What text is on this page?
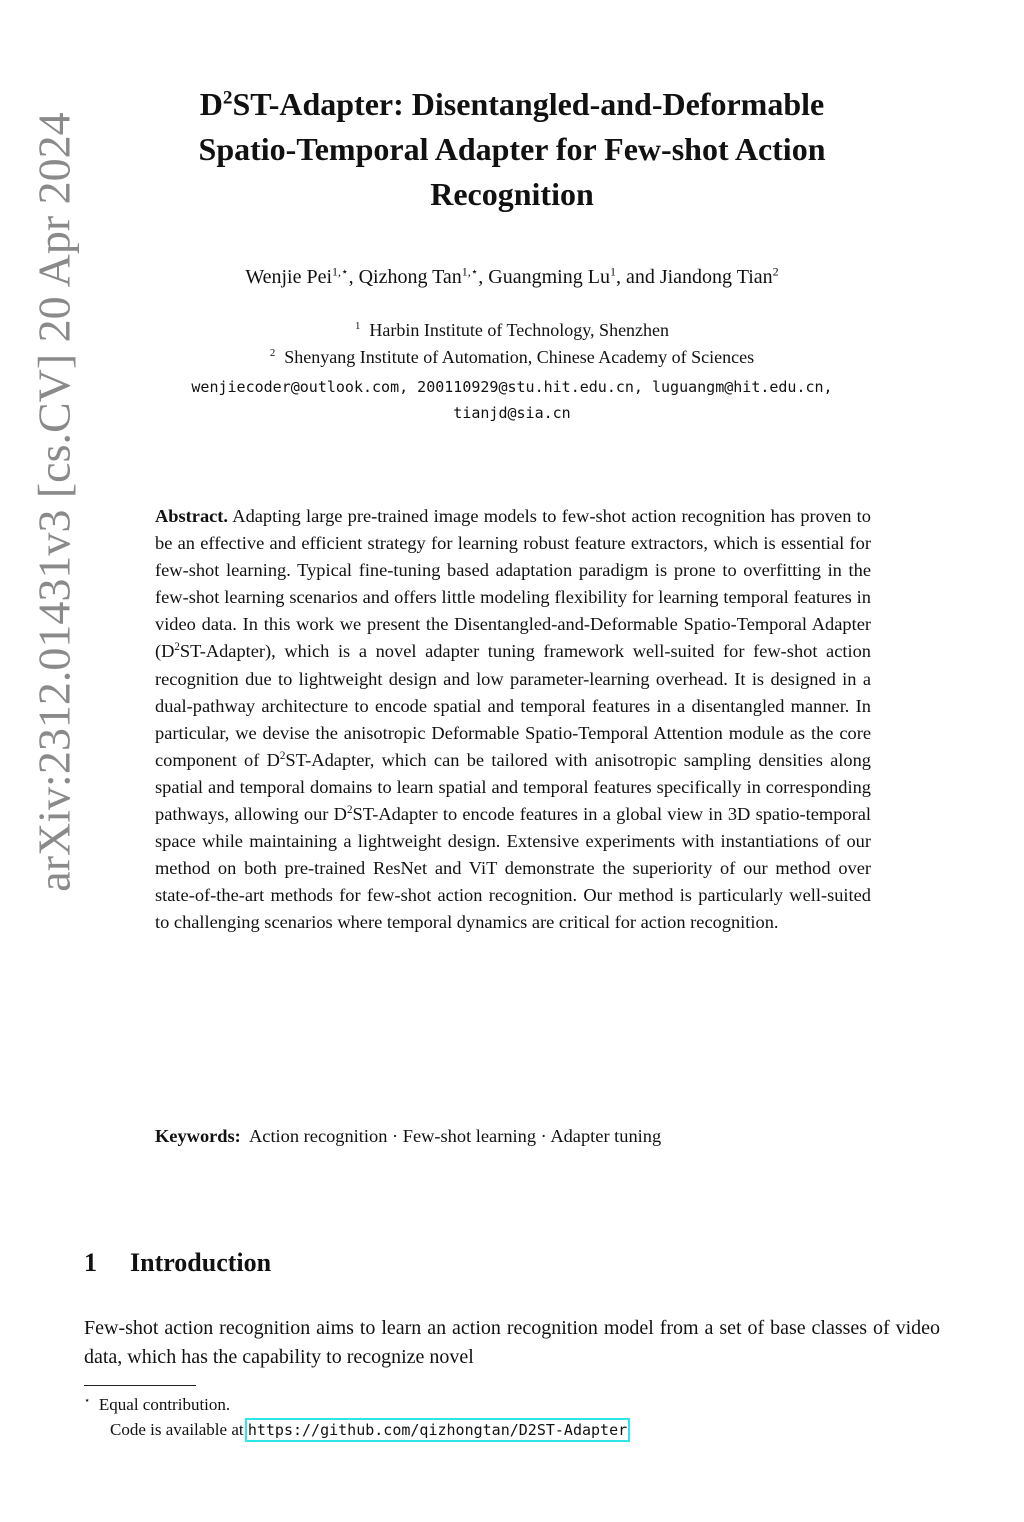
arXiv:2312.01431v3 [cs.CV] 20 Apr 2024
$D^2ST$-Adapter: Disentangled-and-Deformable
Spatio-Temporal Adapter for Few-shot Action
Recognition
Wenjie Pei$^{1,⋆}$, Qizhong Tan$^{1,⋆}$, Guangming Lu$^1$, and Jiandong Tian$^2$
$^1$ Harbin Institute of Technology, Shenzhen
$^2$ Shenyang Institute of Automation, Chinese Academy of Sciences
wenjiecoder@outlook.com, 200110929@stu.hit.edu.cn, luguangm@hit.edu.cn,
tianjd@sia.cn
Abstract. Adapting large pre-trained image models to few-shot action recognition has proven to be an effective and efficient strategy for learning robust feature extractors, which is essential for few-shot learning. Typical fine-tuning based adaptation paradigm is prone to overfitting in the few-shot learning scenarios and offers little modeling flexibility for learning temporal features in video data. In this work we present the Disentangled-and-Deformable Spatio-Temporal Adapter $(D^2ST-Adapter)$, which is a novel adapter tuning framework well-suited for few-shot action recognition due to lightweight design and low parameter-learning overhead. It is designed in a dual-pathway architecture to encode spatial and temporal features in a disentangled manner. In particular, we devise the anisotropic Deformable Spatio-Temporal Attention module as the core component of $D^2ST$-Adapter, which can be tailored with anisotropic sampling densities along spatial and temporal domains to learn spatial and temporal features specifically in corresponding pathways, allowing our $D^2ST$-Adapter to encode features in a global view in 3D spatio-temporal space while maintaining a lightweight design. Extensive experiments with instantiations of our method on both pre-trained ResNet and ViT demonstrate the superiority of our method over state-of-the-art methods for few-shot action recognition. Our method is particularly well-suited to challenging scenarios where temporal dynamics are critical for action recognition.
Keywords: Action recognition · Few-shot learning · Adapter tuning
1 Introduction
Few-shot action recognition aims to learn an action recognition model from a set of base classes of video data, which has the capability to recognize novel
⋆ Equal contribution.
Code is available at https://github.com/qizhongtan/D2ST-Adapter.
